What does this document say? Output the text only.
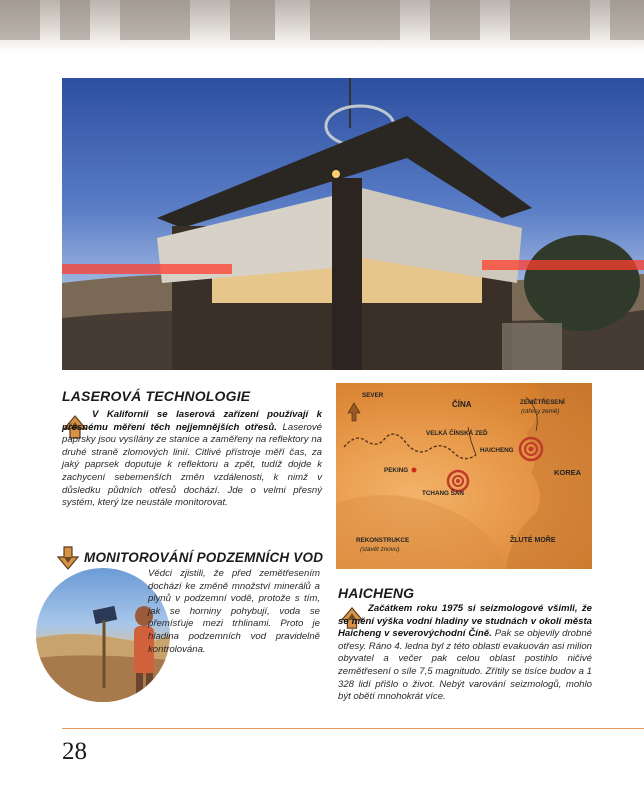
LASEROVÁ TECHNOLOGIE

V Kalifornii se laserová zařízení používají k přesnému měření těch nejjemnějších otřesů. Laserové paprsky jsou vysílány ze stanice a zaměřeny na reflektory na druhé straně zlomových linií. Citlivé přístroje měří čas, za jaký paprsek doputuje k reflektoru a zpět, tudíž dojde k zachycení sebemenších změn vzdálenosti, k nimž v důsledku půdních otřesů dochází. Jde o velmi přesný systém, který lze neustále monitorovat.

MONITOROVÁNÍ PODZEMNÍCH VOD

Vědci zjistili, že před zemětřesením dochází ke změně množství minerálů a plynů v podzemní vodě, protože s tím, jak se horniny pohybují, voda se přemísťuje mezi trhlinami. Proto je hladina podzemních vod pravidelně kontrolována.

SEVER
ČÍNA	ZEMĚTŘESENÍ
(otřesy země)
VELKÁ ČÍNSKÁ ZEĎ
HAICHENG
PEKING	KOREA
TCHANG ŠAN
REKONSTRUKCE
(stavět znovu)
ŽLUTÉ MOŘE
HAICHENG

Začátkem roku 1975 si seizmologové všimli, že se mění výška vodní hladiny ve studnách v okolí města Haicheng v severovýchodní Číně. Pak se objevily drobné otřesy. Ráno 4. ledna byl z této oblasti evakuován asi milion obyvatel a večer pak celou oblast postihlo ničivé zemětřesení o síle 7,5 magnitudo. Zřítily se tisíce budov a 1 328 lidí přišlo o život. Nebýt varování seizmologů, mohlo být obětí mnohokrát více.

28
